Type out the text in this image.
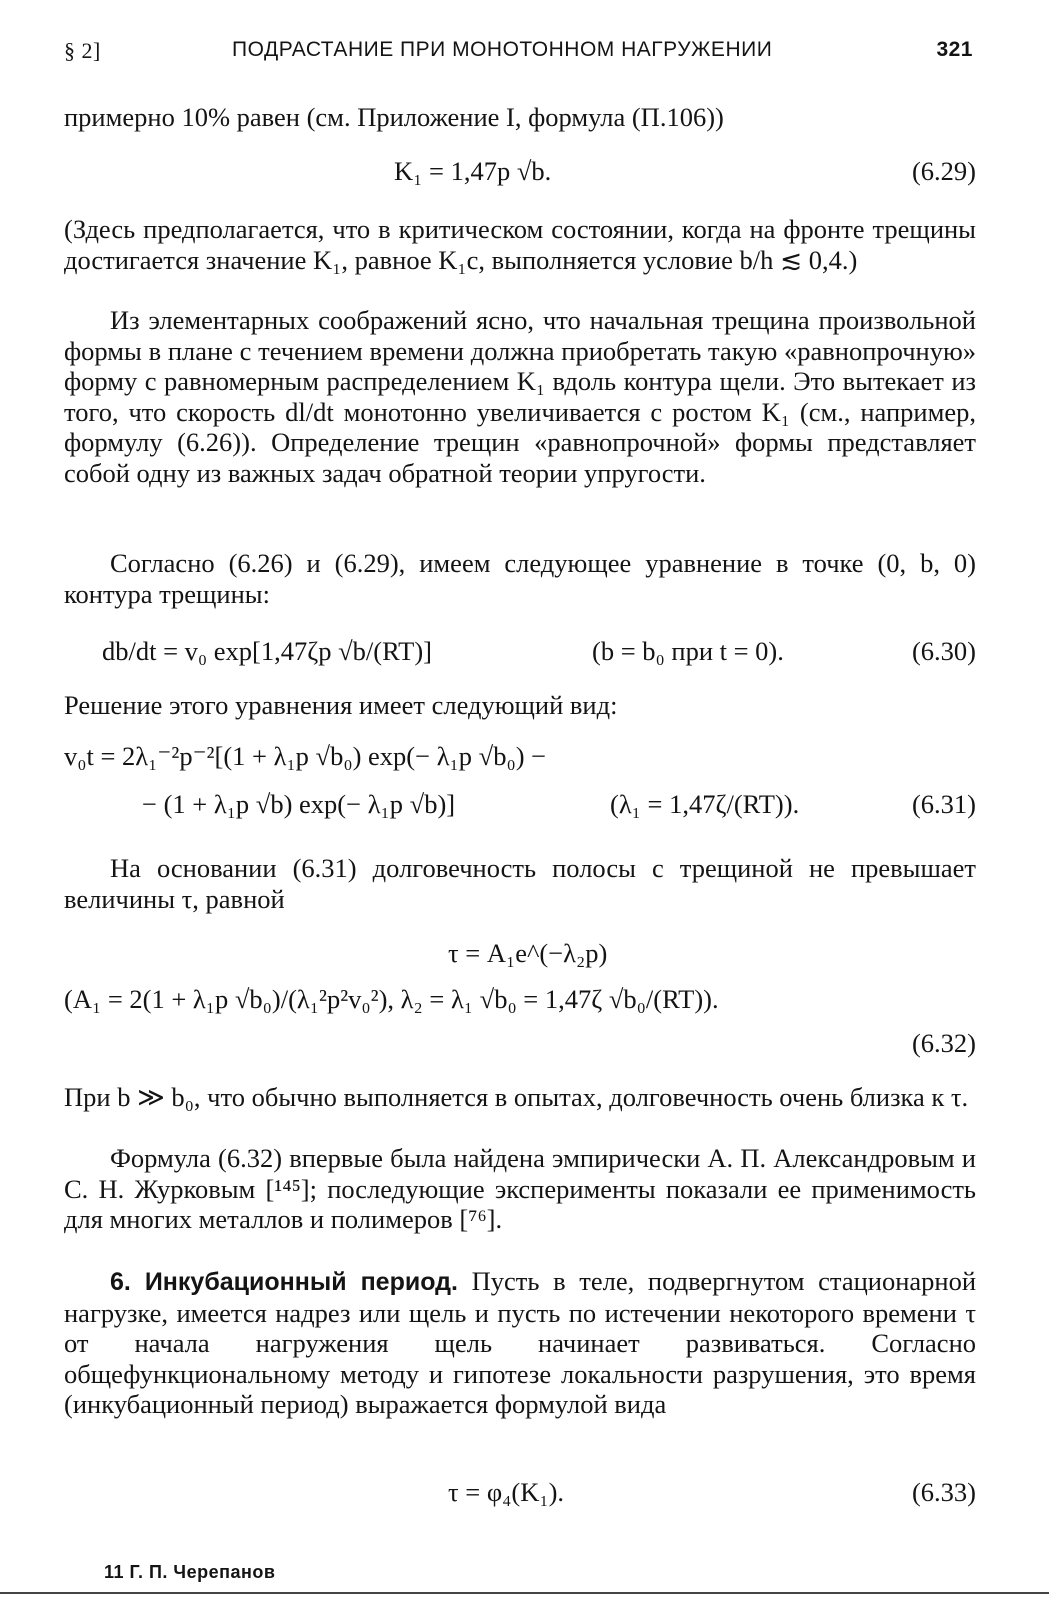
§ 2]	ПОДРАСТАНИЕ ПРИ МОНОТОННОМ НАГРУЖЕНИИ	321

примерно 10% равен (см. Приложение I, формула (П.106))

K₁ = 1,47p √b.	(6.29)

(Здесь предполагается, что в критическом состоянии, когда на фронте трещины достигается значение K₁, равное K₁c, выполняется условие b/h ≲ 0,4.)

Из элементарных соображений ясно, что начальная трещина произвольной формы в плане с течением времени должна приобретать такую «равнопрочную» форму с равномерным распределением K₁ вдоль контура щели. Это вытекает из того, что скорость dl/dt монотонно увеличивается с ростом K₁ (см., например, формулу (6.26)). Определение трещин «равнопрочной» формы представляет собой одну из важных задач обратной теории упругости.

Согласно (6.26) и (6.29), имеем следующее уравнение в точке (0, b, 0) контура трещины:

db/dt = v₀ exp[1,47ζp √b/(RT)]	(b = b₀ при t = 0).	(6.30)

Решение этого уравнения имеет следующий вид:

v₀t = 2λ₁⁻²p⁻²[(1 + λ₁p √b₀) exp(− λ₁p √b₀) −
− (1 + λ₁p √b) exp(− λ₁p √b)]	(λ₁ = 1,47ζ/(RT)).	(6.31)

На основании (6.31) долговечность полосы с трещиной не превышает величины τ, равной

τ = A₁e^(−λ₂p)
(A₁ = 2(1 + λ₁p √b₀)/(λ₁²p²v₀²), λ₂ = λ₁ √b₀ = 1,47ζ √b₀/(RT)).
(6.32)

При b ≫ b₀, что обычно выполняется в опытах, долговечность очень близка к τ.

Формула (6.32) впервые была найдена эмпирически А. П. Александровым и С. Н. Журковым [¹⁴⁵]; последующие эксперименты показали ее применимость для многих металлов и полимеров [⁷⁶].

6. Инкубационный период. Пусть в теле, подвергнутом стационарной нагрузке, имеется надрез или щель и пусть по истечении некоторого времени τ от начала нагружения щель начинает развиваться. Согласно общефункциональному методу и гипотезе локальности разрушения, это время (инкубационный период) выражается формулой вида

τ = φ₄(K₁).	(6.33)
11 Г. П. Черепанов
